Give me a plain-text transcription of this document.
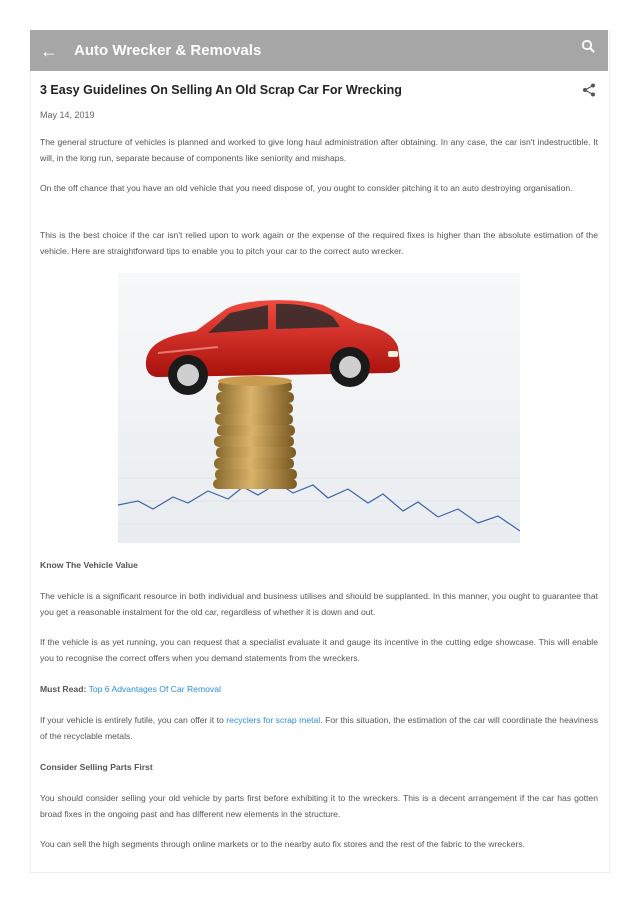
← Auto Wrecker & Removals
3 Easy Guidelines On Selling An Old Scrap Car For Wrecking
May 14, 2019

The general structure of vehicles is planned and worked to give long haul administration after obtaining. In any case, the car isn't indestructible. It will, in the long run, separate because of components like seniority and mishaps.

On the off chance that you have an old vehicle that you need dispose of, you ought to consider pitching it to an auto destroying organisation.

This is the best choice if the car isn't relied upon to work again or the expense of the required fixes is higher than the absolute estimation of the vehicle. Here are straightforward tips to enable you to pitch your car to the correct auto wrecker.

Know The Vehicle Value

The vehicle is a significant resource in both individual and business utilises and should be supplanted. In this manner, you ought to guarantee that you get a reasonable instalment for the old car, regardless of whether it is down and out.

If the vehicle is as yet running, you can request that a specialist evaluate it and gauge its incentive in the cutting edge showcase. This will enable you to recognise the correct offers when you demand statements from the wreckers.

Must Read: Top 6 Advantages Of Car Removal

If your vehicle is entirely futile, you can offer it to recyclers for scrap metal. For this situation, the estimation of the car will coordinate the heaviness of the recyclable metals.

Consider Selling Parts First

You should consider selling your old vehicle by parts first before exhibiting it to the wreckers. This is a decent arrangement if the car has gotten broad fixes in the ongoing past and has different new elements in the structure.

You can sell the high segments through online markets or to the nearby auto fix stores and the rest of the fabric to the wreckers.
